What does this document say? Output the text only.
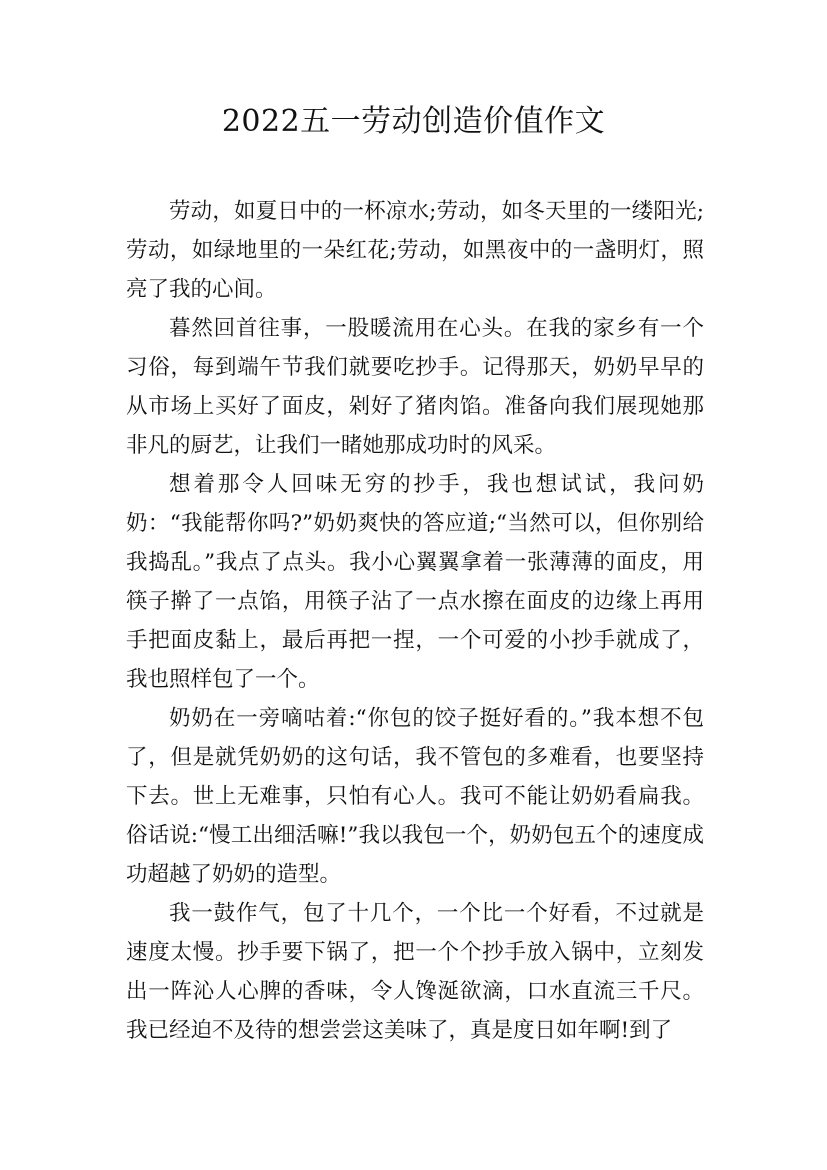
2022五一劳动创造价值作文

劳动，如夏日中的一杯凉水;劳动，如冬天里的一缕阳光;劳动，如绿地里的一朵红花;劳动，如黑夜中的一盏明灯，照亮了我的心间。

暮然回首往事，一股暖流用在心头。在我的家乡有一个习俗，每到端午节我们就要吃抄手。记得那天，奶奶早早的从市场上买好了面皮，剁好了猪肉馅。准备向我们展现她那非凡的厨艺，让我们一睹她那成功时的风采。

想着那令人回味无穷的抄手，我也想试试，我问奶奶：“我能帮你吗?”奶奶爽快的答应道;“当然可以，但你别给我捣乱。”我点了点头。我小心翼翼拿着一张薄薄的面皮，用筷子擀了一点馅，用筷子沾了一点水擦在面皮的边缘上再用手把面皮黏上，最后再把一捏，一个可爱的小抄手就成了，我也照样包了一个。

奶奶在一旁嘀咕着:“你包的饺子挺好看的。”我本想不包了，但是就凭奶奶的这句话，我不管包的多难看，也要坚持下去。世上无难事，只怕有心人。我可不能让奶奶看扁我。俗话说:“慢工出细活嘛!”我以我包一个，奶奶包五个的速度成功超越了奶奶的造型。

我一鼓作气，包了十几个，一个比一个好看，不过就是速度太慢。抄手要下锅了，把一个个抄手放入锅中，立刻发出一阵沁人心脾的香味，令人馋涎欲滴，口水直流三千尺。我已经迫不及待的想尝尝这美味了，真是度日如年啊!到了
